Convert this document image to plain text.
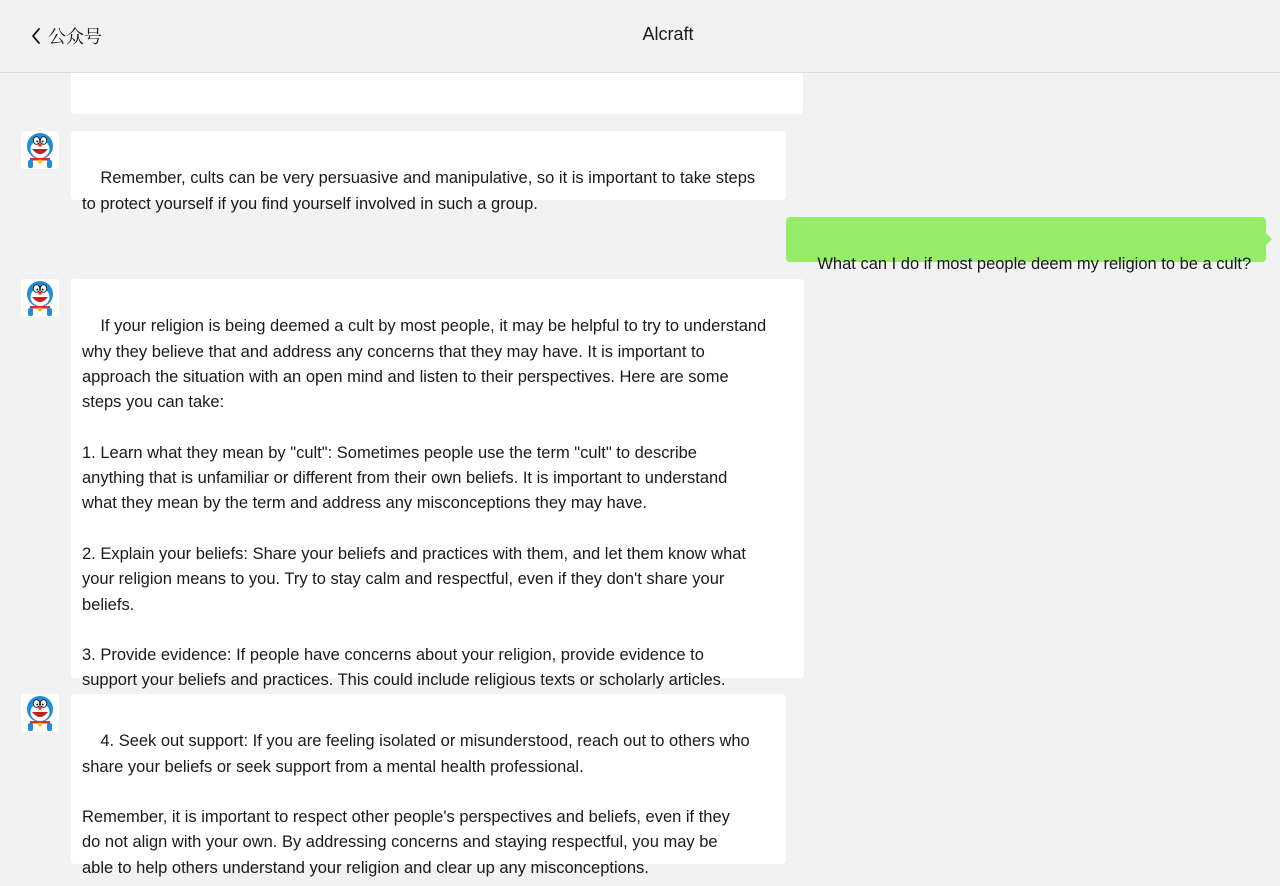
Remember, cults can be very persuasive and manipulative, so it is important to take steps
to protect yourself if you find yourself involved in such a group.

What can I do if most people deem my religion to be a cult?

If your religion is being deemed a cult by most people, it may be helpful to try to understand
why they believe that and address any concerns that they may have. It is important to
approach the situation with an open mind and listen to their perspectives. Here are some
steps you can take:

1. Learn what they mean by "cult": Sometimes people use the term "cult" to describe
anything that is unfamiliar or different from their own beliefs. It is important to understand
what they mean by the term and address any misconceptions they may have.

2. Explain your beliefs: Share your beliefs and practices with them, and let them know what
your religion means to you. Try to stay calm and respectful, even if they don't share your
beliefs.

3. Provide evidence: If people have concerns about your religion, provide evidence to
support your beliefs and practices. This could include religious texts or scholarly articles.

4. Seek out support: If you are feeling isolated or misunderstood, reach out to others who
share your beliefs or seek support from a mental health professional.

Remember, it is important to respect other people's perspectives and beliefs, even if they
do not align with your own. By addressing concerns and staying respectful, you may be
able to help others understand your religion and clear up any misconceptions.

公众号	Alcraft
